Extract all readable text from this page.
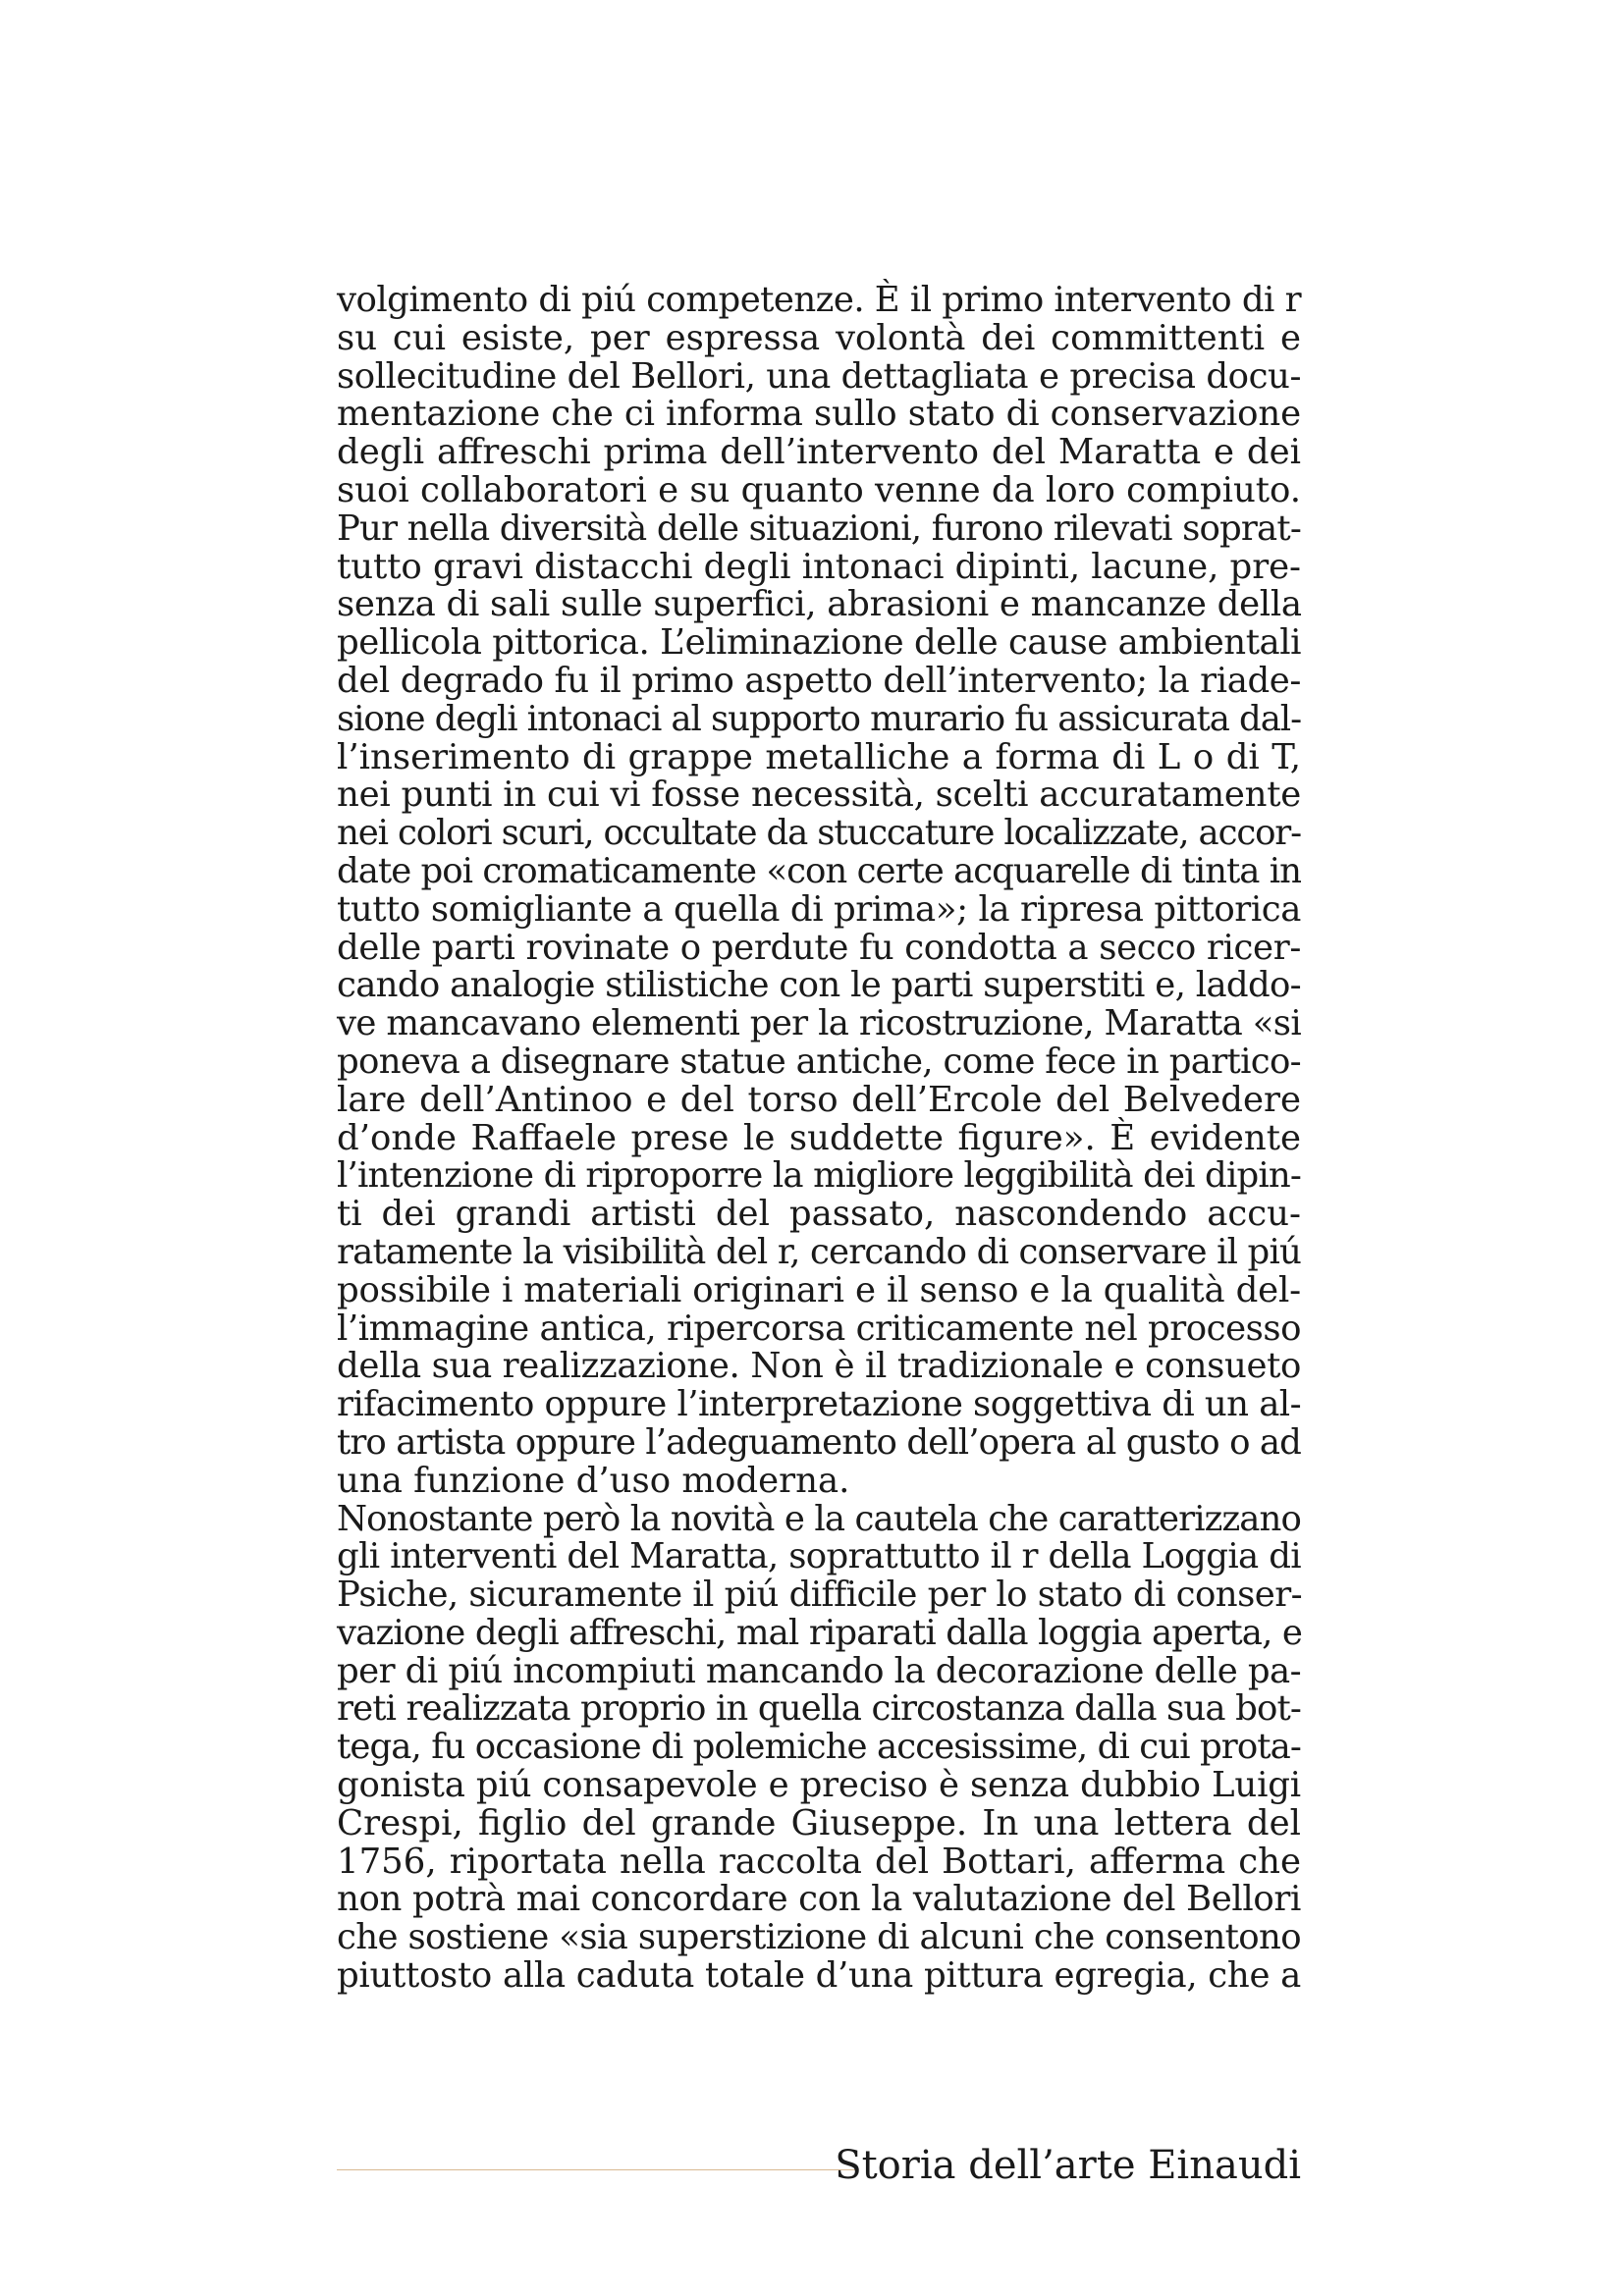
volgimento di piú competenze. È il primo intervento di r
su cui esiste, per espressa volontà dei committenti e
sollecitudine del Bellori, una dettagliata e precisa docu-
mentazione che ci informa sullo stato di conservazione
degli affreschi prima dell’intervento del Maratta e dei
suoi collaboratori e su quanto venne da loro compiuto.
Pur nella diversità delle situazioni, furono rilevati soprat-
tutto gravi distacchi degli intonaci dipinti, lacune, pre-
senza di sali sulle superfici, abrasioni e mancanze della
pellicola pittorica. L’eliminazione delle cause ambientali
del degrado fu il primo aspetto dell’intervento; la riade-
sione degli intonaci al supporto murario fu assicurata dal-
l’inserimento di grappe metalliche a forma di L o di T,
nei punti in cui vi fosse necessità, scelti accuratamente
nei colori scuri, occultate da stuccature localizzate, accor-
date poi cromaticamente «con certe acquarelle di tinta in
tutto somigliante a quella di prima»; la ripresa pittorica
delle parti rovinate o perdute fu condotta a secco ricer-
cando analogie stilistiche con le parti superstiti e, laddo-
ve mancavano elementi per la ricostruzione, Maratta «si
poneva a disegnare statue antiche, come fece in partico-
lare dell’Antinoo e del torso dell’Ercole del Belvedere
d’onde Raffaele prese le suddette figure». È evidente
l’intenzione di riproporre la migliore leggibilità dei dipin-
ti dei grandi artisti del passato, nascondendo accu-
ratamente la visibilità del r, cercando di conservare il piú
possibile i materiali originari e il senso e la qualità del-
l’immagine antica, ripercorsa criticamente nel processo
della sua realizzazione. Non è il tradizionale e consueto
rifacimento oppure l’interpretazione soggettiva di un al-
tro artista oppure l’adeguamento dell’opera al gusto o ad
una funzione d’uso moderna.
Nonostante però la novità e la cautela che caratterizzano
gli interventi del Maratta, soprattutto il r della Loggia di
Psiche, sicuramente il piú difficile per lo stato di conser-
vazione degli affreschi, mal riparati dalla loggia aperta, e
per di piú incompiuti mancando la decorazione delle pa-
reti realizzata proprio in quella circostanza dalla sua bot-
tega, fu occasione di polemiche accesissime, di cui prota-
gonista piú consapevole e preciso è senza dubbio Luigi
Crespi, figlio del grande Giuseppe. In una lettera del
1756, riportata nella raccolta del Bottari, afferma che
non potrà mai concordare con la valutazione del Bellori
che sostiene «sia superstizione di alcuni che consentono
piuttosto alla caduta totale d’una pittura egregia, che a
Storia dell’arte Einaudi
